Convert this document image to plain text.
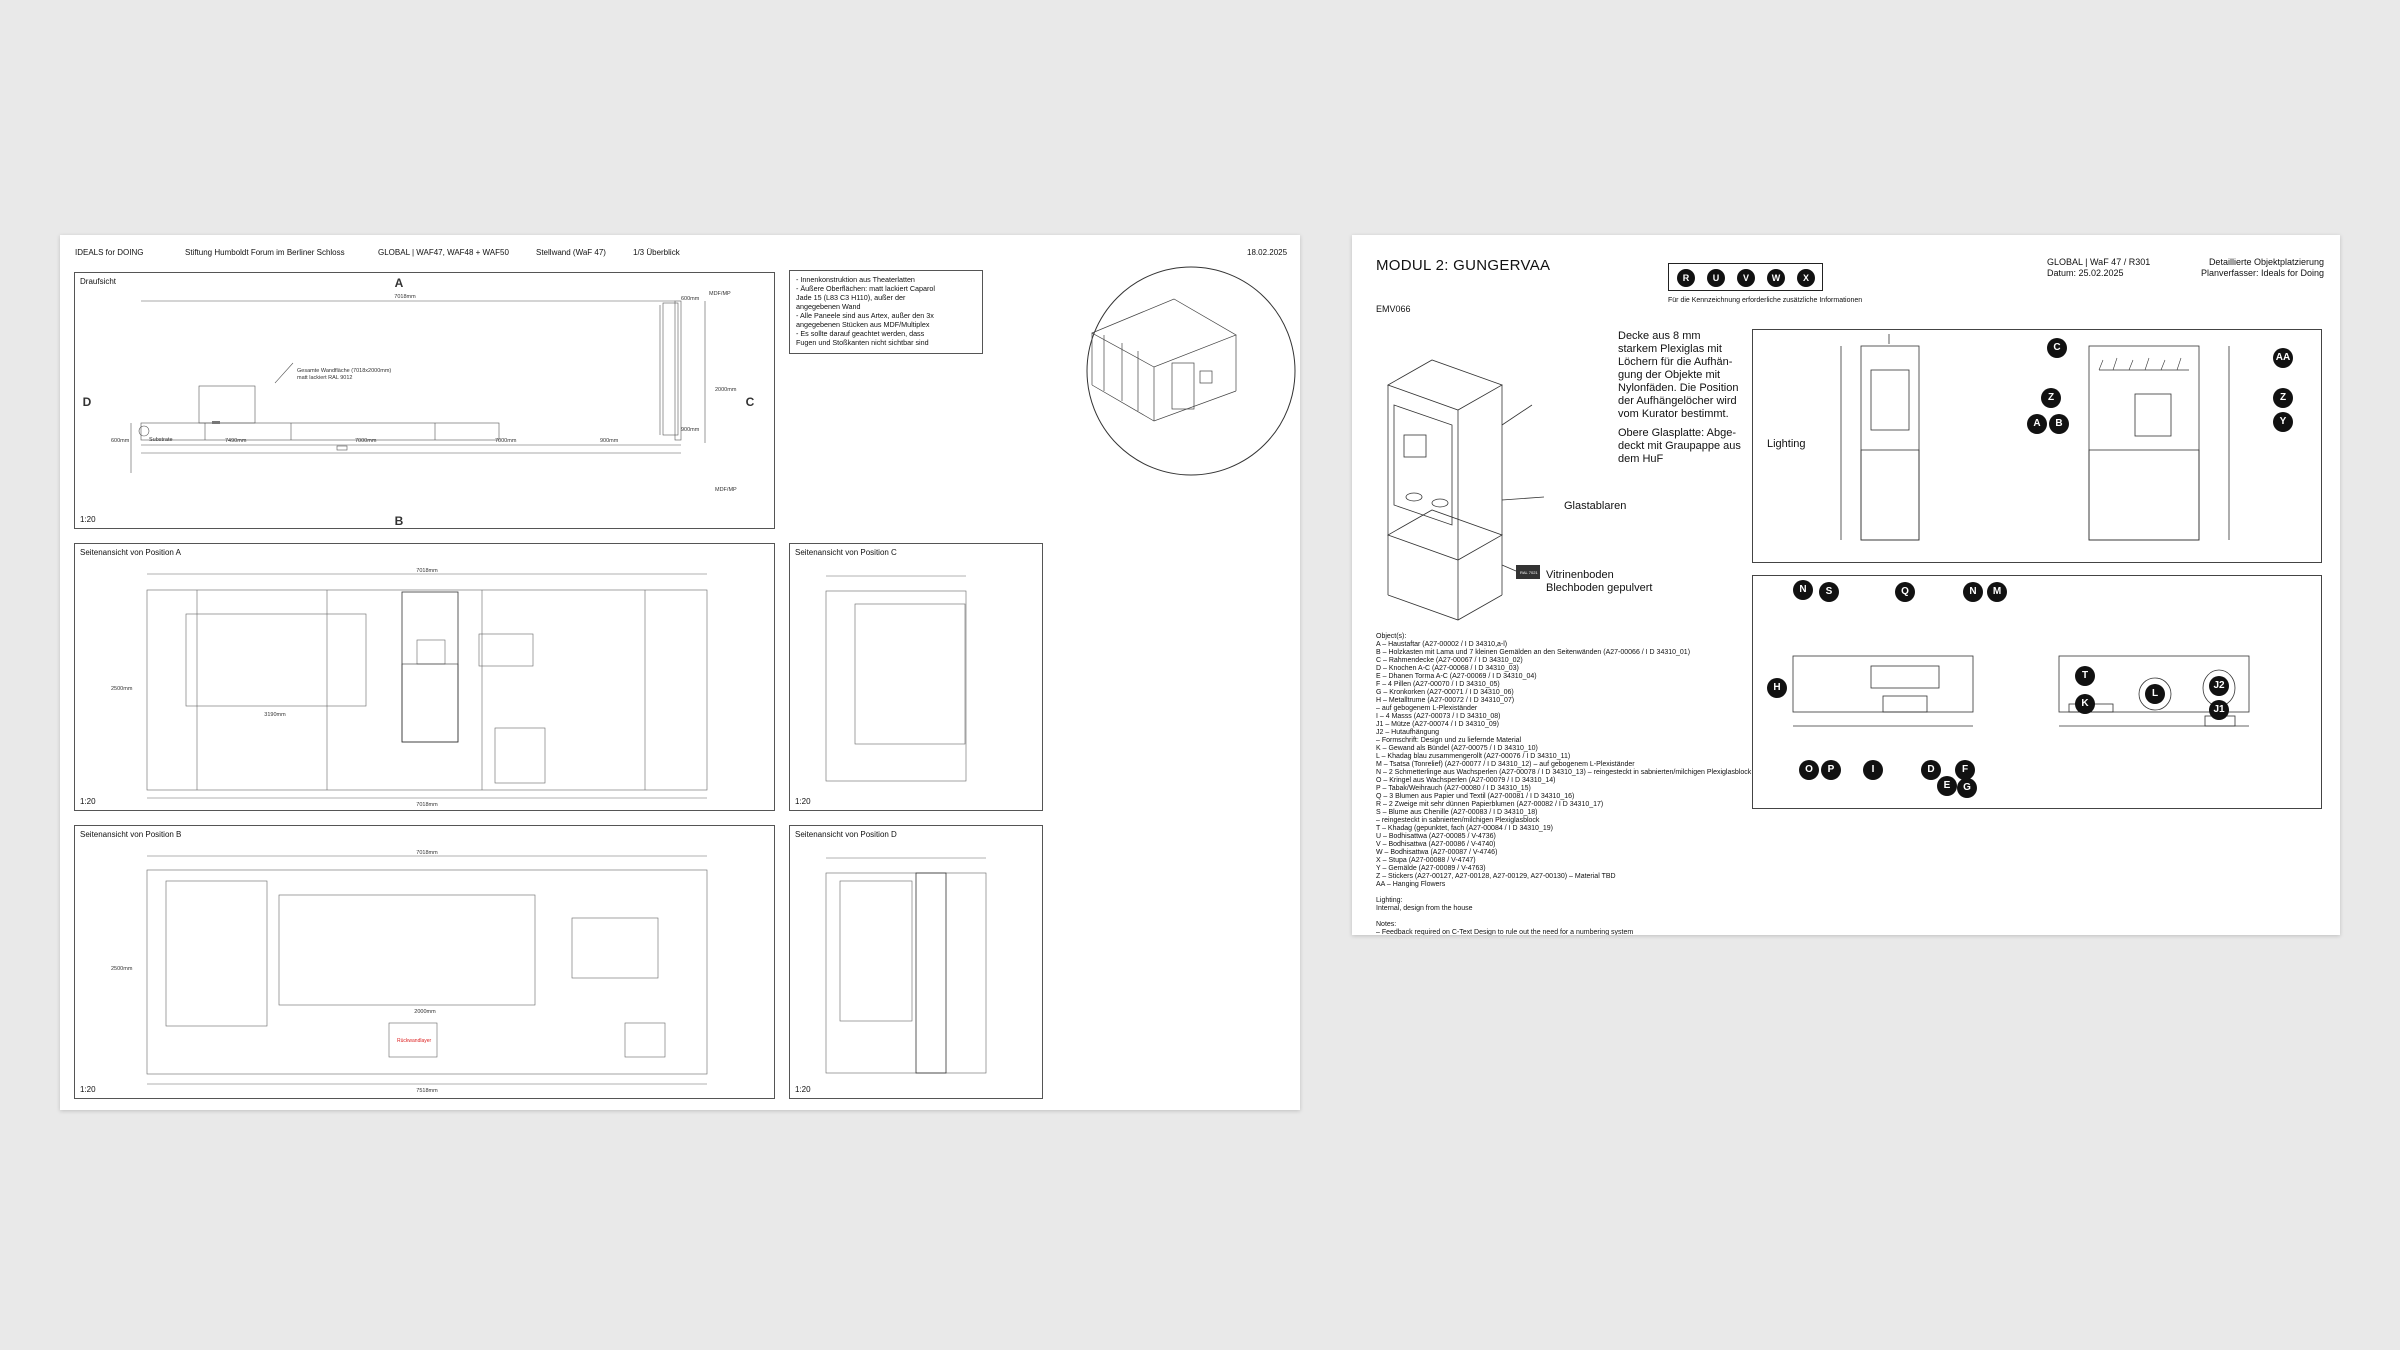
IDEALS for DOING	Stiftung Humboldt Forum im Berliner Schloss	GLOBAL | WAF47, WAF48 + WAF50	Stellwand (WaF 47)	1/3 Überblick	18.02.2025
Draufsicht
1:20
A
B
C
D
7018mm
600mm	7490mm	7000mm	7000mm	900mm
600mm
2000mm
900mm
Gesamte Wandfläche (7018x2000mm)
matt lackiert RAL 9012
MDF/MP
MDF/MP
Substrate
- Innenkonstruktion aus Theaterlatten
- Äußere Oberflächen: matt lackiert Caparol
Jade 15 (L83 C3 H110), außer der
angegebenen Wand
- Alle Paneele sind aus Artex, außer den 3x
angegebenen Stücken aus MDF/Multiplex
- Es sollte darauf geachtet werden, dass
Fugen und Stoßkanten nicht sichtbar sind
Seitenansicht von Position A
1:20
7018mm
2500mm
3190mm
7018mm
Seitenansicht von Position B
1:20
7018mm
2500mm
2000mm
7518mm
Rückwandlayer
Seitenansicht von Position C
1:20
Seitenansicht von Position D
1:20
MODUL 2: GUNGERVAA
EMV066
R	U	V	W	X
Für die Kennzeichnung erforderliche zusätzliche Informationen
GLOBAL | WaF 47 / R301
Datum: 25.02.2025
Detaillierte Objektplatzierung
Planverfasser: Ideals for Doing
RAL 7021
Decke aus 8 mm
starkem Plexiglas mit
Löchern für die Aufhän-
gung der Objekte mit
Nylonfäden. Die Position
der Aufhängelöcher wird
vom Kurator bestimmt.
Obere Glasplatte: Abge-
deckt mit Graupappe aus
dem HuF
Glastablaren
Vitrinenboden
Blechboden gepulvert
Object(s):
A – Haustaftar (A27-00002 / I D 34310,a-l)
B – Holzkasten mit Lama und 7 kleinen Gemälden an den Seitenwänden (A27-00066 / I D 34310_01)
C – Rahmendecke (A27-00067 / I D 34310_02)
D – Knochen A-C (A27-00068 / I D 34310_03)
E – Dhanen Torma A-C (A27-00069 / I D 34310_04)
F – 4 Pillen (A27-00070 / I D 34310_05)
G – Kronkorken (A27-00071 / I D 34310_06)
H – Metalltrume (A27-00072 / I D 34310_07)
– auf gebogenem L-Plexiständer
I – 4 Masss (A27-00073 / I D 34310_08)
J1 – Mütze (A27-00074 / I D 34310_09)
J2 – Hutaufhängung
– Formschrift: Design und zu liefernde Material
K – Gewand als Bündel (A27-00075 / I D 34310_10)
L – Khadag blau zusammengerollt (A27-00076 / I D 34310_11)
M – Tsatsa (Tonrelief) (A27-00077 / I D 34310_12) – auf gebogenem L-Plexiständer
N – 2 Schmetterlinge aus Wachsperlen (A27-00078 / I D 34310_13) – reingesteckt in sabnierten/milchigen Plexiglasblock
O – Kringel aus Wachsperlen (A27-00079 / I D 34310_14)
P – Tabak/Weihrauch (A27-00080 / I D 34310_15)
Q – 3 Blumen aus Papier und Textil (A27-00081 / I D 34310_16)
R – 2 Zweige mit sehr dünnen Papierblumen (A27-00082 / I D 34310_17)
S – Blume aus Chenille (A27-00083 / I D 34310_18)
– reingesteckt in sabnierten/milchigen Plexiglasblock
T – Khadag (gepunktet, fach (A27-00084 / I D 34310_19)
U – Bodhisattwa (A27-00085 / V-4736)
V – Bodhisattwa (A27-00086 / V-4740)
W – Bodhisattwa (A27-00087 / V-4746)
X – Stupa (A27-00088 / V-4747)
Y – Gemälde (A27-00089 / V-4763)
Z – Stickers (A27-00127, A27-00128, A27-00129, A27-00130) – Material TBD
AA – Hanging Flowers

Lighting:
Internal, design from the house

Notes:
– Feedback required on C-Text Design to rule out the need for a numbering system
Lighting
C
AA
Z	Z
A	B	Y
N	S	Q	N	M
H
O	P	I	D
E
F
G
T
L
J2
K
J1
